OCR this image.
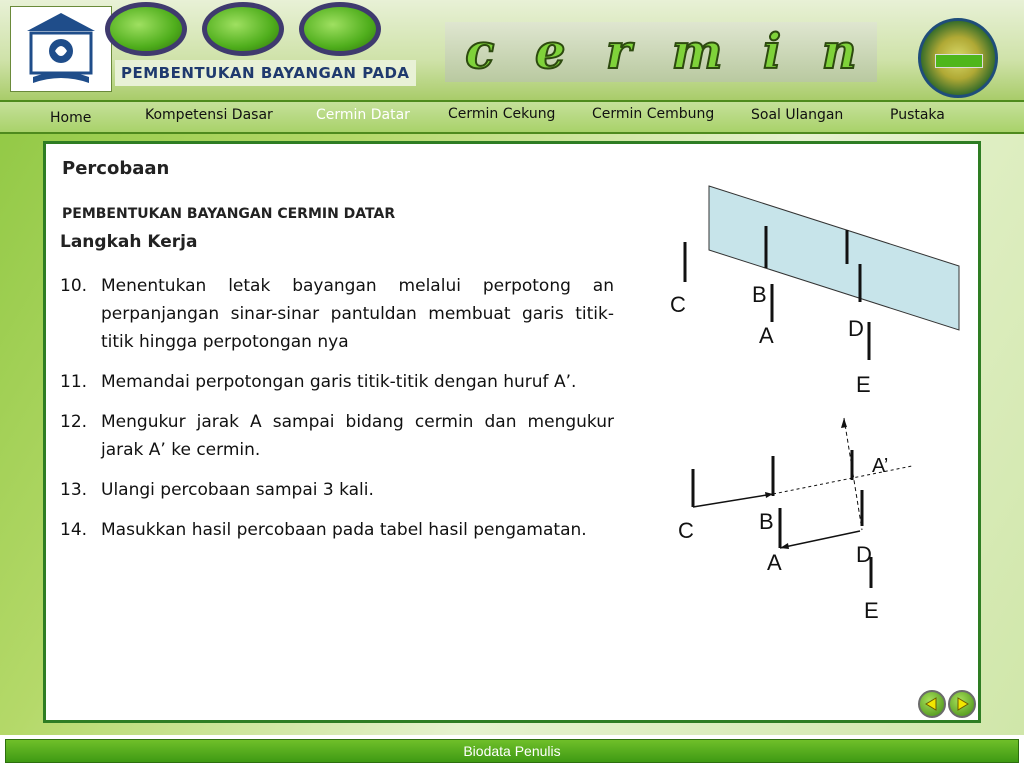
PEMBENTUKAN BAYANGAN PADA c e r m i n
Home	Kompetensi Dasar	Cermin Datar	Cermin Cekung	Cermin Cembung	Soal Ulangan	Pustaka
Percobaan
PEMBENTUKAN BAYANGAN CERMIN DATAR
Langkah Kerja
10. Menentukan letak bayangan melalui perpotong an perpanjangan sinar-sinar pantuldan membuat garis titik-titik hingga perpotongan nya
11. Memandai perpotongan garis titik-titik dengan huruf A’.
12. Mengukur jarak A sampai bidang cermin dan mengukur jarak A’ ke cermin.
13. Ulangi percobaan sampai 3 kali.
14. Masukkan hasil percobaan pada tabel hasil pengamatan.
C	B
A	D
E
C	B
A	D
E
A’
Biodata Penulis
